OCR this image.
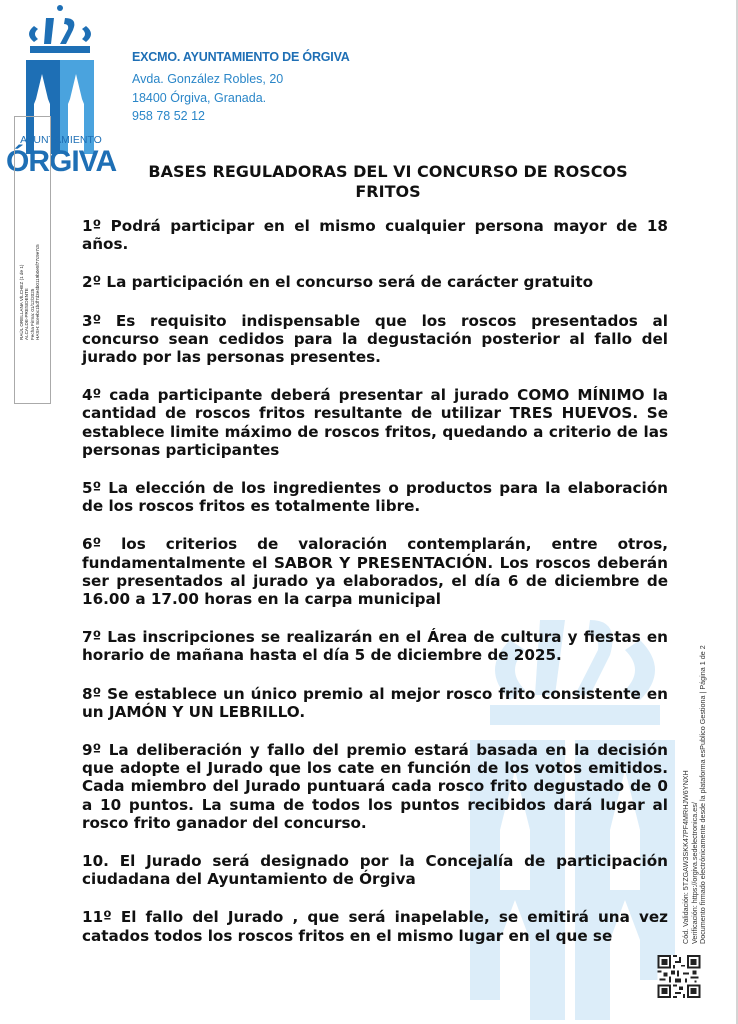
AYUNTAMIENTO
ÓRGIVA
EXCMO. AYUNTAMIENTO DE ÓRGIVA
Avda. González Robles, 20
18400 Órgiva, Granada.
958 78 52 12
RAÚL ORELLANA VÍLCHEZ (1 de 1) ALCALDE-PRESIDENTE Fecha Firma: 01/12/2025 HASH: 8ceebc1bdf7d3e4b0119b0e5f77c9e7c5
BASES REGULADORAS DEL VI CONCURSO DE ROSCOS
FRITOS

1º Podrá participar en el mismo cualquier persona mayor de 18 años.

2º La participación en el concurso será de carácter gratuito

3º Es requisito indispensable que los roscos presentados al concurso sean cedidos para la degustación posterior al fallo del jurado por las personas presentes.

4º cada participante deberá presentar al jurado COMO MÍNIMO la cantidad de roscos fritos resultante de utilizar TRES HUEVOS. Se establece limite máximo de roscos fritos, quedando a criterio de las personas participantes

5º La elección de los ingredientes o productos para la elaboración de los roscos fritos es totalmente libre.

6º los criterios de valoración contemplarán, entre otros, fundamentalmente el SABOR Y PRESENTACIÓN. Los roscos deberán ser presentados al jurado ya elaborados, el día 6 de diciembre de 16.00 a 17.00 horas en la carpa municipal

7º Las inscripciones se realizarán en el Área de cultura y fiestas en horario de mañana hasta el día 5 de diciembre de 2025.

8º Se establece un único premio al mejor rosco frito consistente en un JAMÓN Y UN LEBRILLO.

9º La deliberación y fallo del premio estará basada en la decisión que adopte el Jurado que los cate en función de los votos emitidos. Cada miembro del Jurado puntuará cada rosco frito degustado de 0 a 10 puntos. La suma de todos los puntos recibidos dará lugar al rosco frito ganador del concurso.

10. El Jurado será designado por la Concejalía de participación ciudadana del Ayuntamiento de Órgiva

11º El fallo del Jurado , que será inapelable, se emitirá una vez catados todos los roscos fritos en el mismo lugar en el que se	Cód. Validación: 5TZGAW3SKK47PF4MRHJW6YNXH Verificación: https://orgiva.sedelectronica.es/ Documento firmado electrónicamente desde la plataforma esPublico Gestiona | Página 1 de 2
